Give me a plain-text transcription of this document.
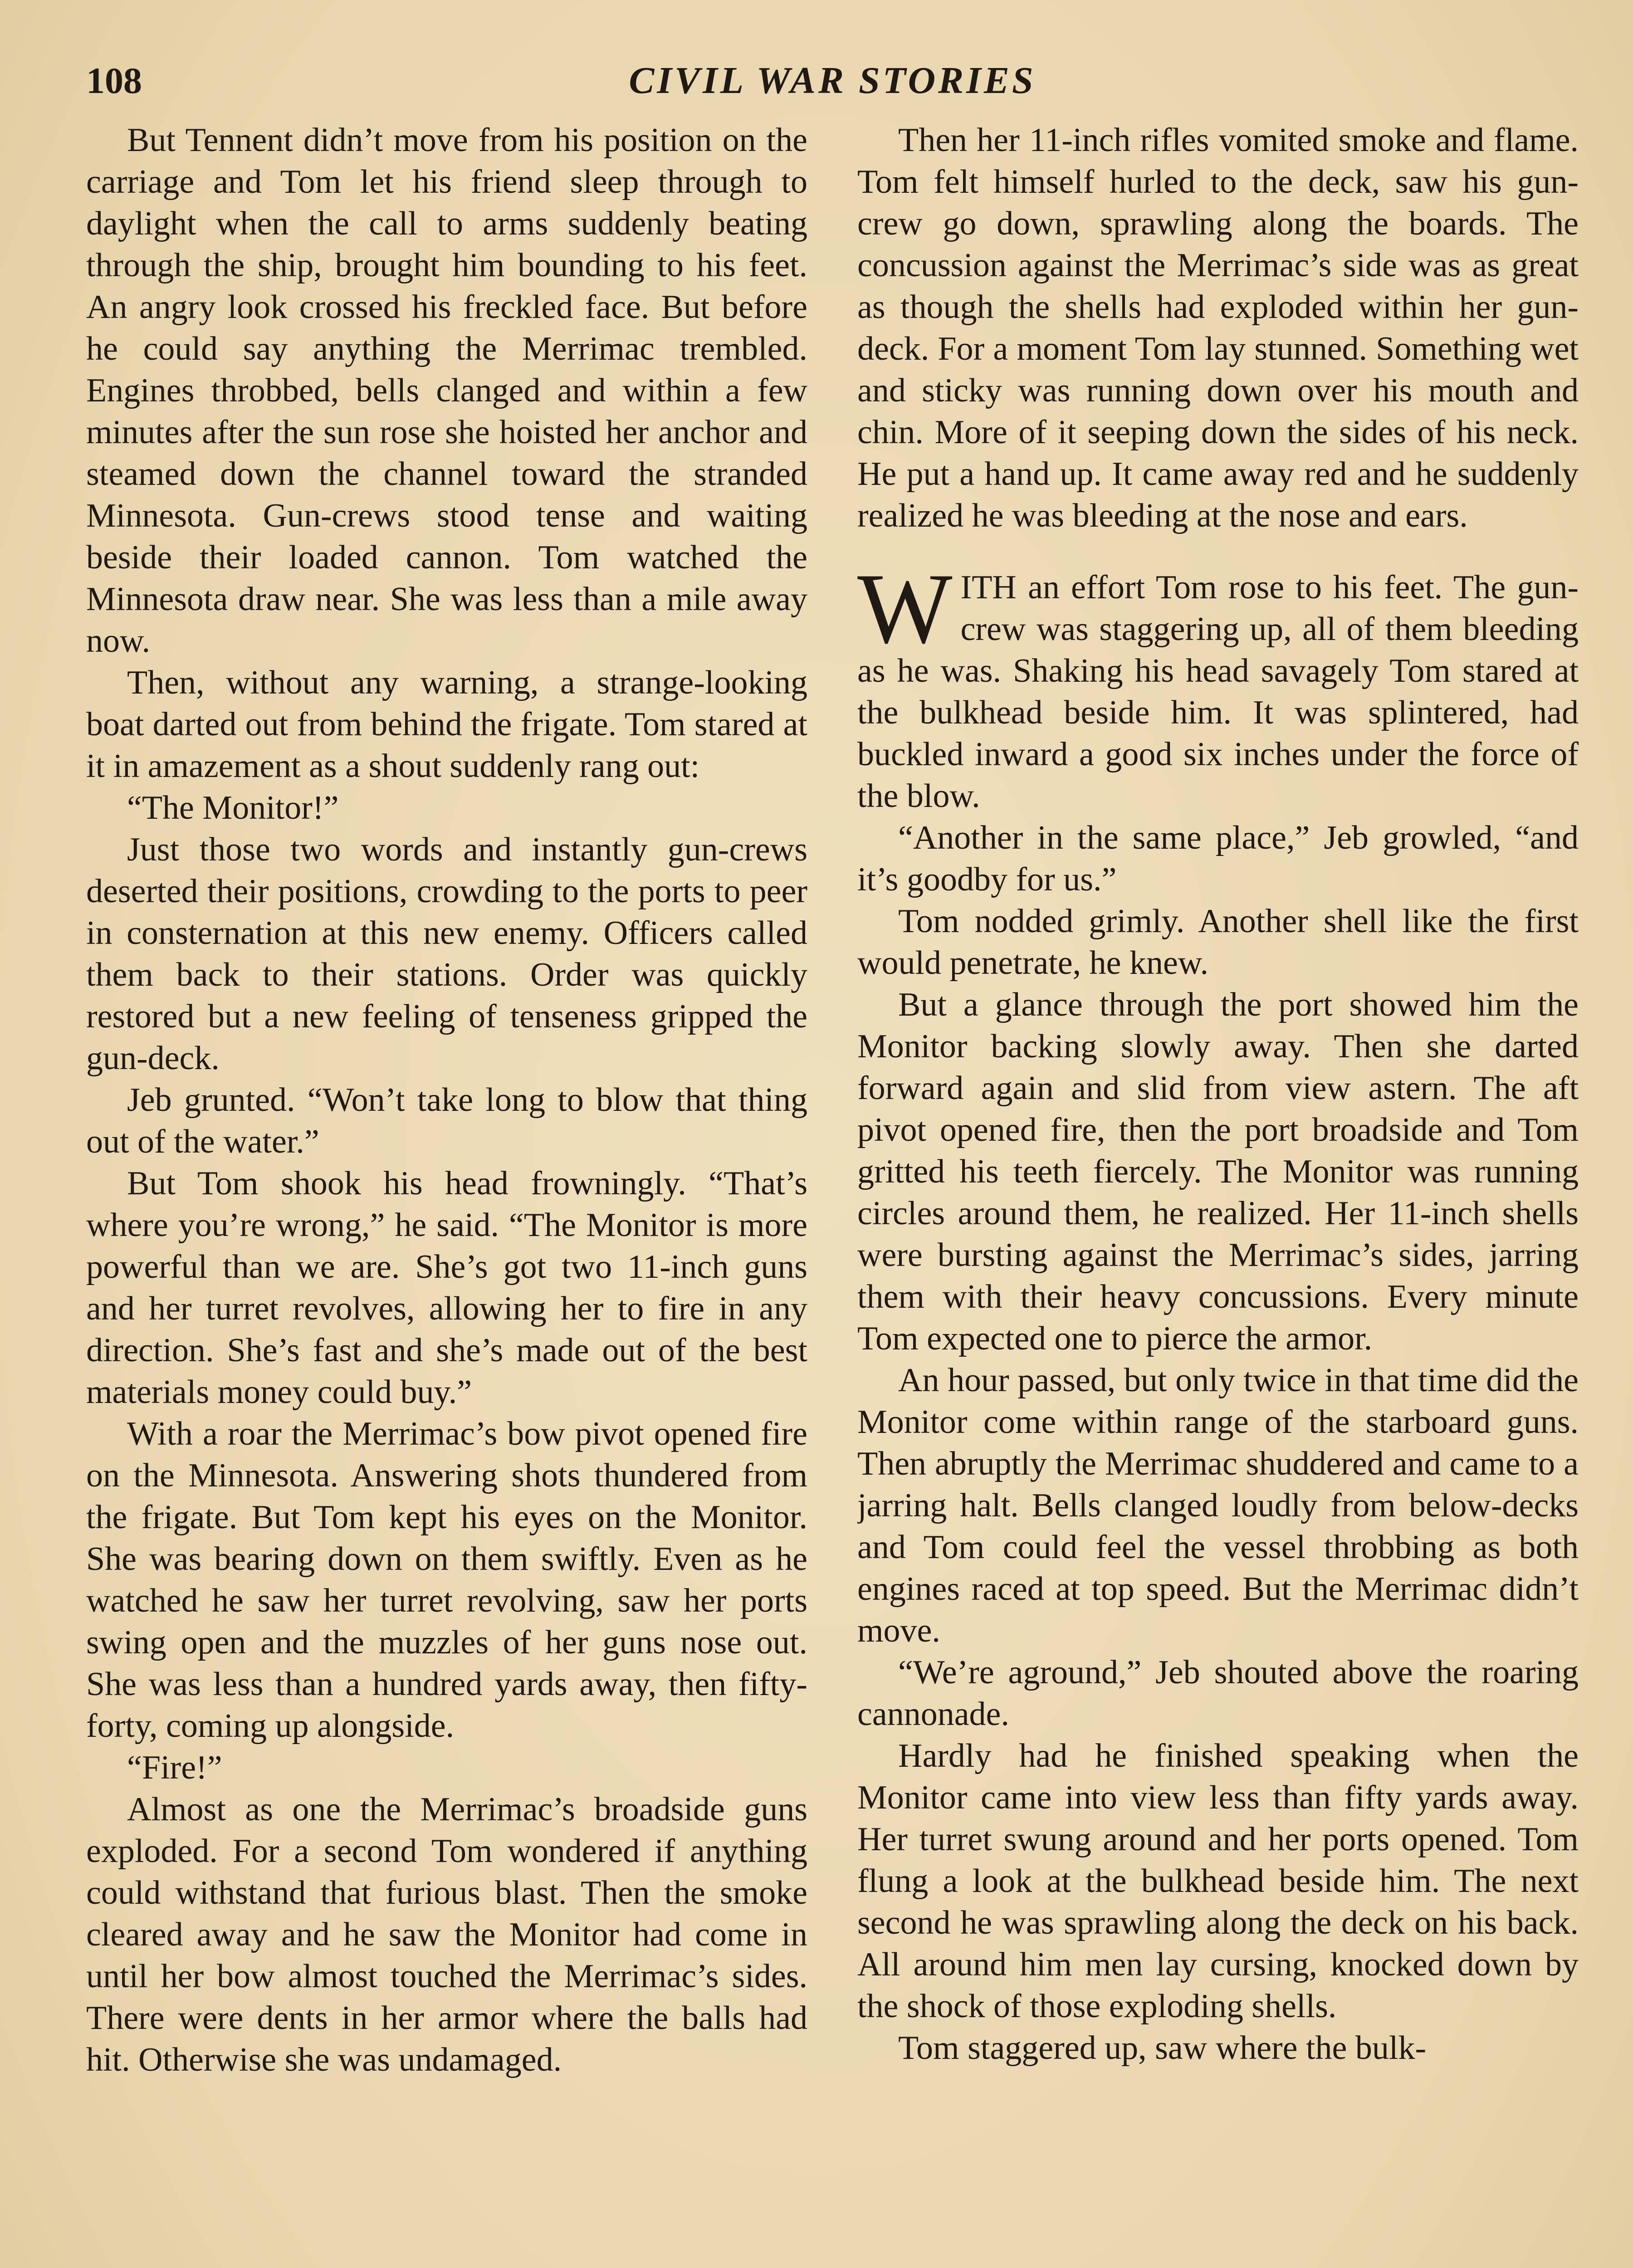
108	CIVIL WAR STORIES

But Tennent didn’t move from his position on the carriage and Tom let his friend sleep through to daylight when the call to arms suddenly beating through the ship, brought him bounding to his feet. An angry look crossed his freckled face. But before he could say anything the Merrimac trembled. Engines throbbed, bells clanged and within a few minutes after the sun rose she hoisted her anchor and steamed down the channel toward the stranded Minnesota. Gun-crews stood tense and waiting beside their loaded cannon. Tom watched the Minnesota draw near. She was less than a mile away now.

Then, without any warning, a strange-looking boat darted out from behind the frigate. Tom stared at it in amazement as a shout suddenly rang out:

“The Monitor!”

Just those two words and instantly gun-crews deserted their positions, crowding to the ports to peer in consternation at this new enemy. Officers called them back to their stations. Order was quickly restored but a new feeling of tenseness gripped the gun-deck.

Jeb grunted. “Won’t take long to blow that thing out of the water.”

But Tom shook his head frowningly. “That’s where you’re wrong,” he said. “The Monitor is more powerful than we are. She’s got two 11-inch guns and her turret revolves, allowing her to fire in any direction. She’s fast and she’s made out of the best materials money could buy.”

With a roar the Merrimac’s bow pivot opened fire on the Minnesota. Answering shots thundered from the frigate. But Tom kept his eyes on the Monitor. She was bearing down on them swiftly. Even as he watched he saw her turret revolving, saw her ports swing open and the muzzles of her guns nose out. She was less than a hundred yards away, then fifty-forty, coming up alongside.

“Fire!”

Almost as one the Merrimac’s broadside guns exploded. For a second Tom wondered if anything could withstand that furious blast. Then the smoke cleared away and he saw the Monitor had come in until her bow almost touched the Merrimac’s sides. There were dents in her armor where the balls had hit. Otherwise she was undamaged.

Then her 11-inch rifles vomited smoke and flame. Tom felt himself hurled to the deck, saw his gun-crew go down, sprawling along the boards. The concussion against the Merrimac’s side was as great as though the shells had exploded within her gun-deck. For a moment Tom lay stunned. Something wet and sticky was running down over his mouth and chin. More of it seeping down the sides of his neck. He put a hand up. It came away red and he suddenly realized he was bleeding at the nose and ears.

W ITH an effort Tom rose to his feet. The gun-crew was staggering up, all of them bleeding as he was. Shaking his head savagely Tom stared at the bulkhead beside him. It was splintered, had buckled inward a good six inches under the force of the blow.

“Another in the same place,” Jeb growled, “and it’s goodby for us.”

Tom nodded grimly. Another shell like the first would penetrate, he knew.

But a glance through the port showed him the Monitor backing slowly away. Then she darted forward again and slid from view astern. The aft pivot opened fire, then the port broadside and Tom gritted his teeth fiercely. The Monitor was running circles around them, he realized. Her 11-inch shells were bursting against the Merrimac’s sides, jarring them with their heavy concussions. Every minute Tom expected one to pierce the armor.

An hour passed, but only twice in that time did the Monitor come within range of the starboard guns. Then abruptly the Merrimac shuddered and came to a jarring halt. Bells clanged loudly from below-decks and Tom could feel the vessel throbbing as both engines raced at top speed. But the Merrimac didn’t move.

“We’re aground,” Jeb shouted above the roaring cannonade.

Hardly had he finished speaking when the Monitor came into view less than fifty yards away. Her turret swung around and her ports opened. Tom flung a look at the bulkhead beside him. The next second he was sprawling along the deck on his back. All around him men lay cursing, knocked down by the shock of those exploding shells.

Tom staggered up, saw where the bulk-
